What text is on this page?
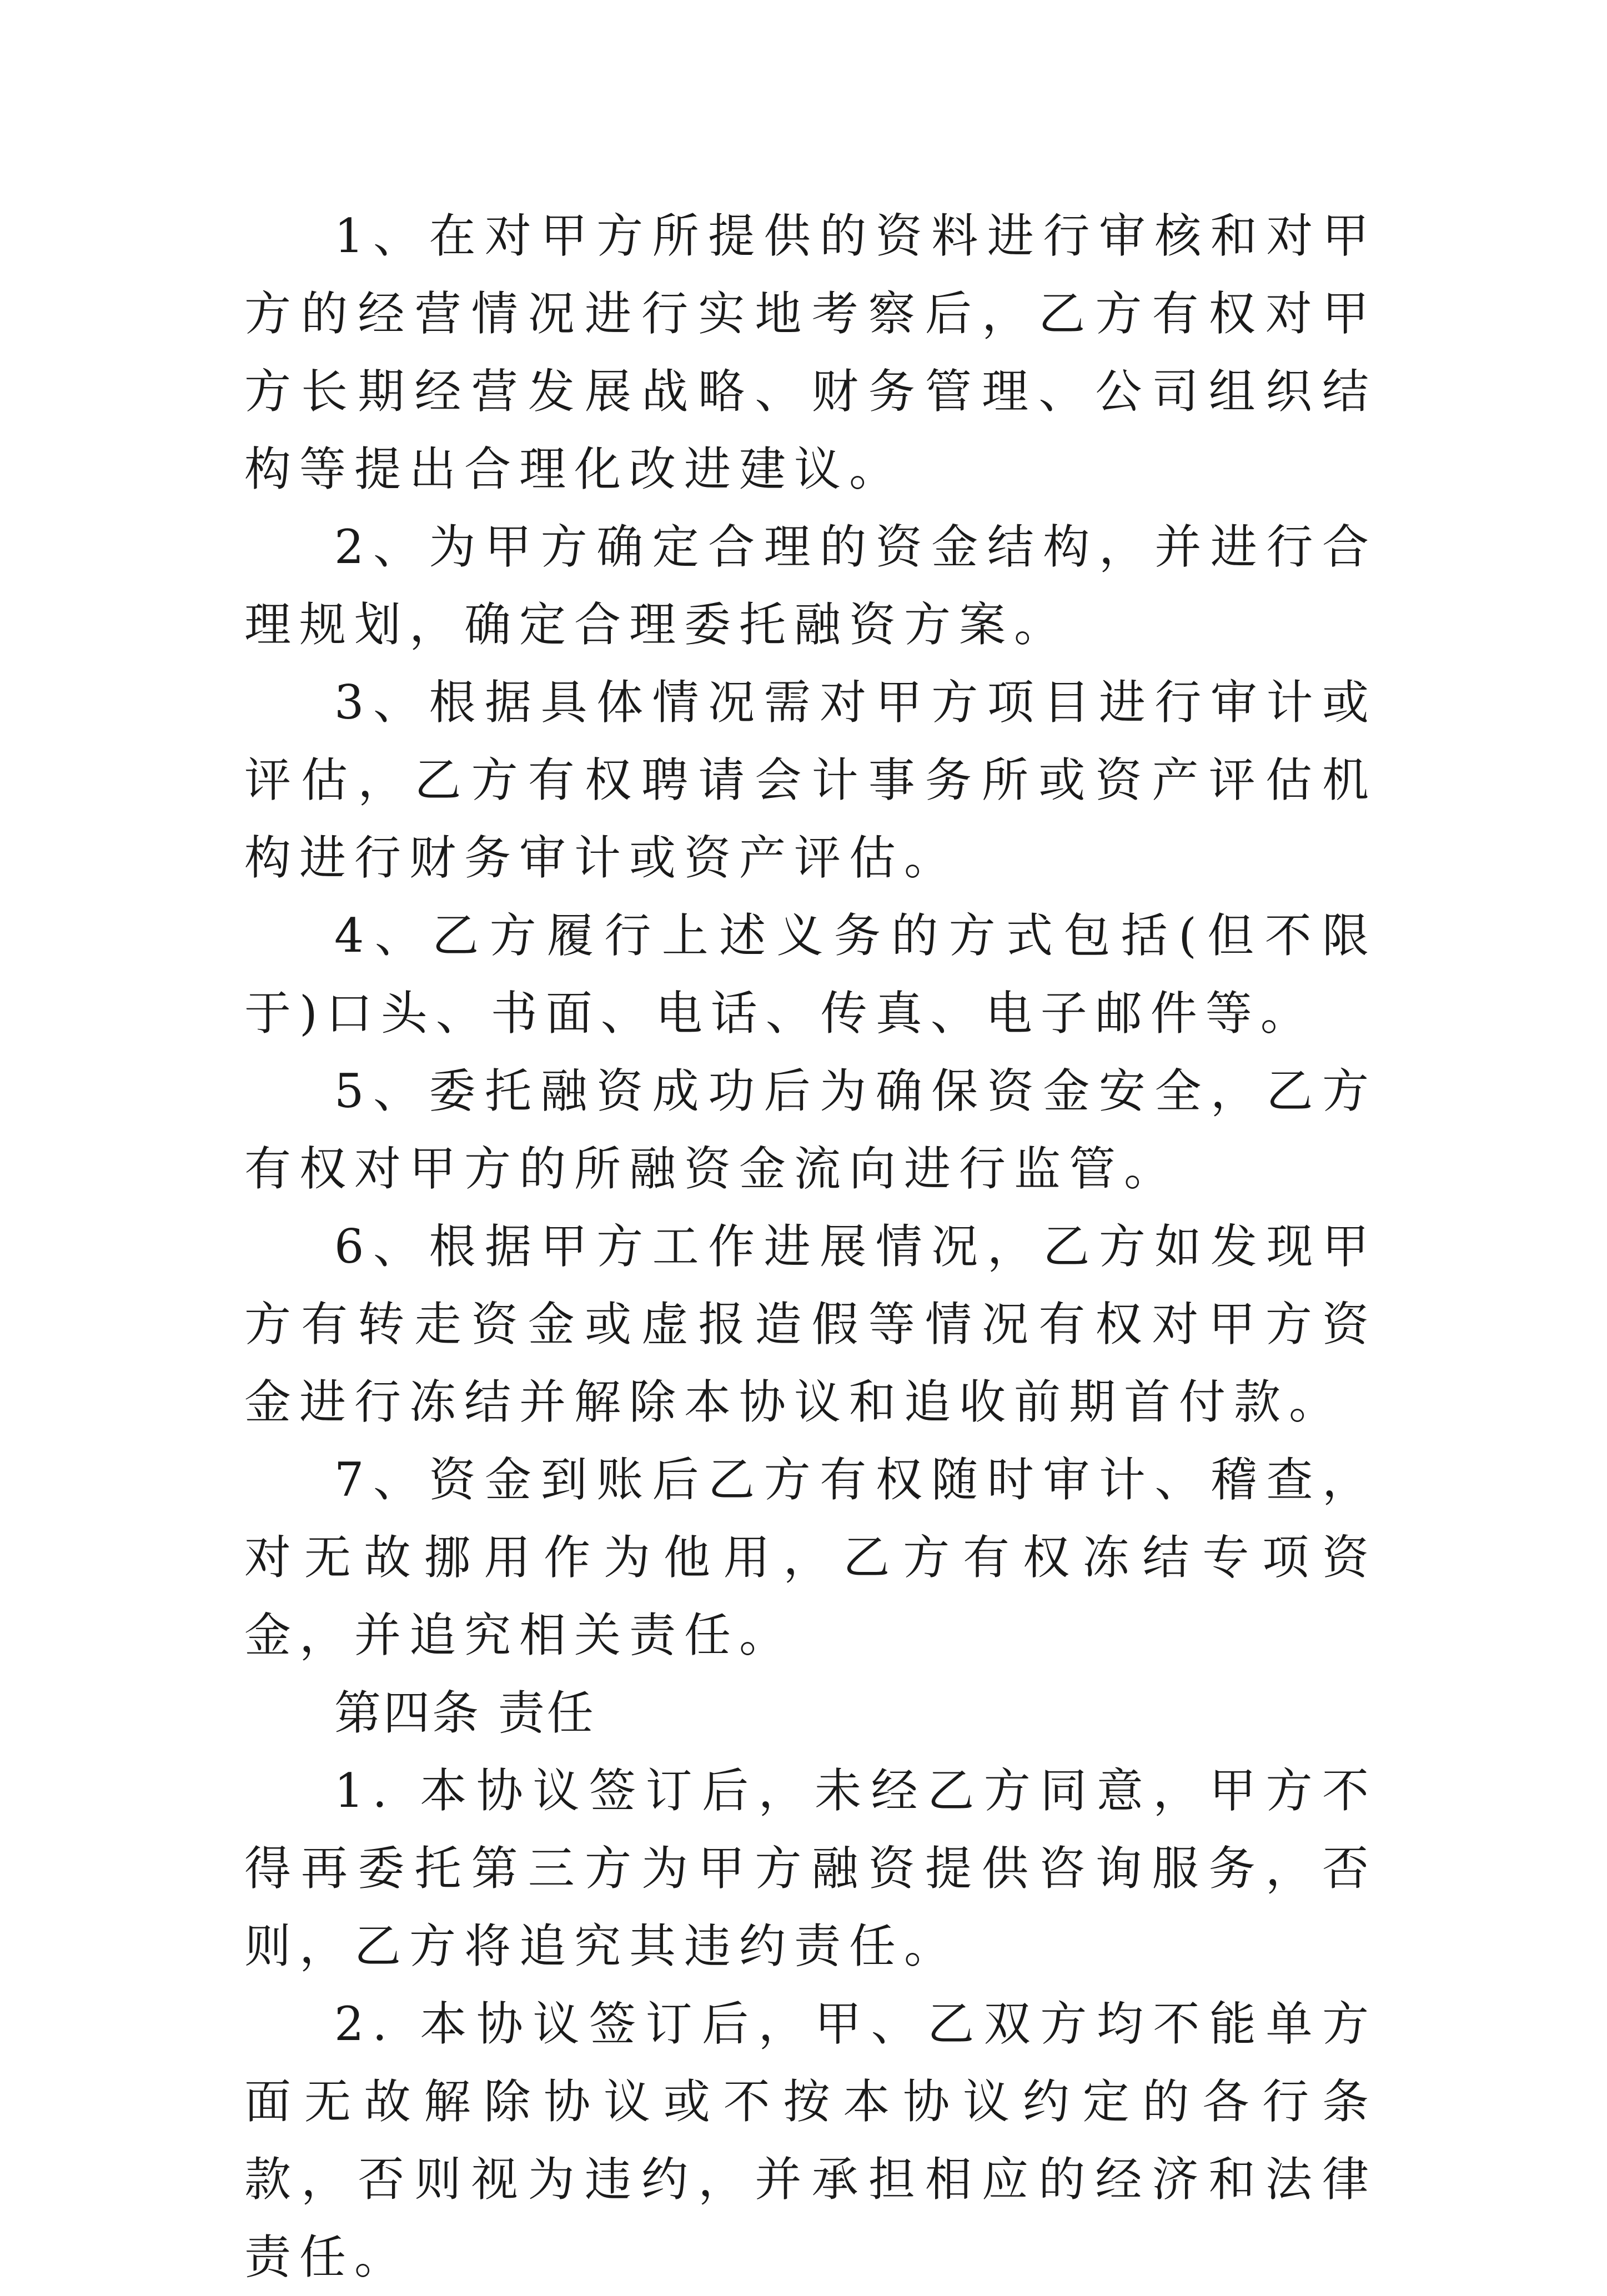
1、在对甲方所提供的资料进行审核和对甲方的经营情况进行实地考察后，乙方有权对甲方长期经营发展战略、财务管理、公司组织结构等提出合理化改进建议。

2、为甲方确定合理的资金结构，并进行合理规划，确定合理委托融资方案。

3、根据具体情况需对甲方项目进行审计或评估，乙方有权聘请会计事务所或资产评估机构进行财务审计或资产评估。

4、乙方履行上述义务的方式包括(但不限于)口头、书面、电话、传真、电子邮件等。

5、委托融资成功后为确保资金安全，乙方有权对甲方的所融资金流向进行监管。

6、根据甲方工作进展情况，乙方如发现甲方有转走资金或虚报造假等情况有权对甲方资金进行冻结并解除本协议和追收前期首付款。

7、资金到账后乙方有权随时审计、稽查，对无故挪用作为他用，乙方有权冻结专项资金，并追究相关责任。

第四条 责任

1. 本协议签订后，未经乙方同意，甲方不得再委托第三方为甲方融资提供咨询服务，否则，乙方将追究其违约责任。

2. 本协议签订后，甲、乙双方均不能单方面无故解除协议或不按本协议约定的各行条款，否则视为违约，并承担相应的经济和法律责任。
